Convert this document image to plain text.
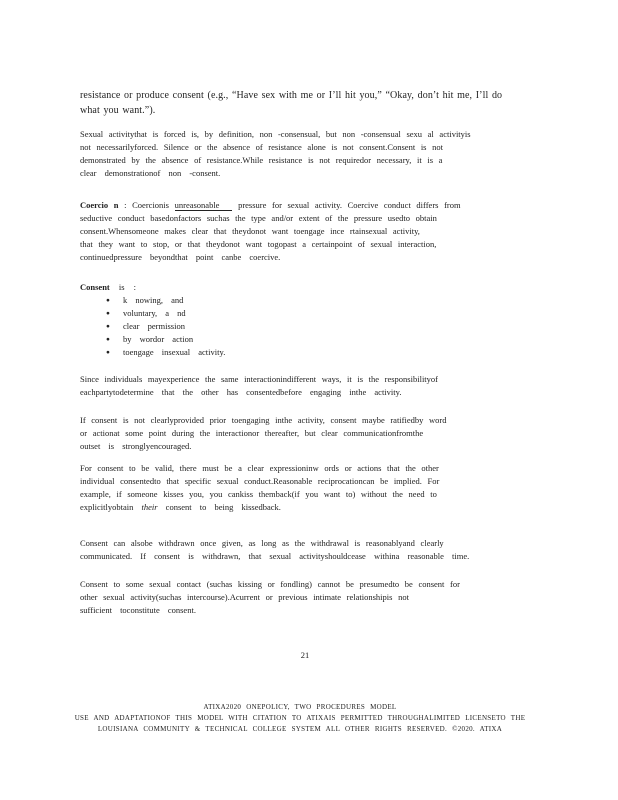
resistance or produce consent (e.g., “Have sex with me or I’ll hit you,” “Okay, don’t hit me, I’ll do
what you want.”).
Sexual activitythat is forced is, by definition, non -consensual, but non -consensual sexu al activityis
not necessarilyforced. Silence or the absence of resistance alone is not consent.Consent is not
demonstrated by the absence of resistance.While resistance is not requiredor necessary, it is a
clear demonstrationof non -consent.
Coercio n : Coercionis unreasonable pressure for sexual activity. Coercive conduct differs from
seductive conduct basedonfactors suchas the type and/or extent of the pressure usedto obtain
consent.Whensomeone makes clear that theydonot want toengage ince rtainsexual activity,
that they want to stop, or that theydonot want togopast a certainpoint of sexual interaction,
continuedpressure beyondthat point canbe coercive.
Consent is :
●	k nowing, and
●	voluntary, a nd
●	clear permission
●	by wordor action
●	toengage insexual activity.
Since individuals mayexperience the same interactionindifferent ways, it is the responsibilityof
eachpartytodetermine that the other has consentedbefore engaging inthe activity.
If consent is not clearlyprovided prior toengaging inthe activity, consent maybe ratifiedby word
or actionat some point during the interactionor thereafter, but clear communicationfromthe
outset is stronglyencouraged.
For consent to be valid, there must be a clear expressioninw ords or actions that the other
individual consentedto that specific sexual conduct.Reasonable reciprocationcan be implied. For
example, if someone kisses you, you cankiss themback(if you want to) without the need to
explicitlyobtain their consent to being kissedback.
Consent can alsobe withdrawn once given, as long as the withdrawal is reasonablyand clearly
communicated. If consent is withdrawn, that sexual activityshouldcease withina reasonable time.
Consent to some sexual contact (suchas kissing or fondling) cannot be presumedto be consent for
other sexual activity(suchas intercourse).Acurrent or previous intimate relationshipis not
sufficient toconstitute consent.
21
ATIXA2020 ONEPOLICY, TWO PROCEDURES MODEL
USE AND ADAPTATIONOF THIS MODEL WITH CITATION TO ATIXAIS PERMITTED THROUGHALIMITED LICENSETO THE
LOUISIANA COMMUNITY & TECHNICAL COLLEGE SYSTEM ALL OTHER RIGHTS RESERVED. ©2020. ATIXA
